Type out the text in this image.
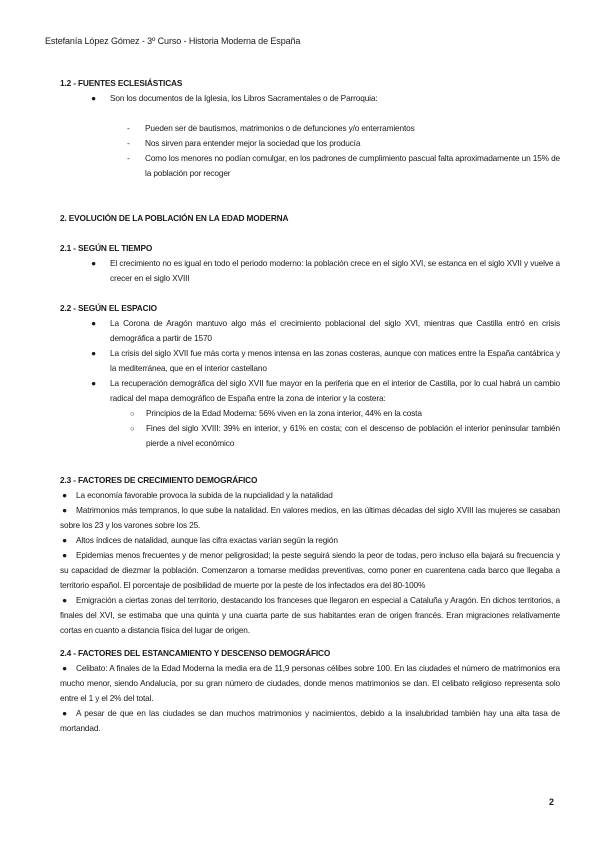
Estefanía López Gómez - 3º Curso - Historia Moderna de España
1.2 - FUENTES ECLESIÁSTICAS
● Son los documentos de la Iglesia, los Libros Sacramentales o de Parroquia:
- Pueden ser de bautismos, matrimonios o de defunciones y/o enterramientos
- Nos sirven para entender mejor la sociedad que los producía
- Como los menores no podían comulgar, en los padrones de cumplimiento pascual falta aproximadamente un 15% de la población por recoger
2. EVOLUCIÓN DE LA POBLACIÓN EN LA EDAD MODERNA
2.1 - SEGÚN EL TIEMPO
● El crecimiento no es igual en todo el periodo moderno: la población crece en el siglo XVI, se estanca en el siglo XVII y vuelve a crecer en el siglo XVIII
2.2 - SEGÚN EL ESPACIO
● La Corona de Aragón mantuvo algo más el crecimiento poblacional del siglo XVI, mientras que Castilla entró en crisis demográfica a partir de 1570
● La crisis del siglo XVII fue más corta y menos intensa en las zonas costeras, aunque con matices entre la España cantábrica y la mediterránea, que en el interior castellano
● La recuperación demográfica del siglo XVII fue mayor en la periferia que en el interior de Castilla, por lo cual habrá un cambio radical del mapa demográfico de España entre la zona de interior y la costera:
○ Principios de la Edad Moderna: 56% viven en la zona interior, 44% en la costa
○ Fines del siglo XVIII: 39% en interior, y 61% en costa; con el descenso de población el interior peninsular también pierde a nivel económico
2.3 - FACTORES DE CRECIMIENTO DEMOGRÁFICO
● La economía favorable provoca la subida de la nupcialidad y la natalidad
● Matrimonios más tempranos, lo que sube la natalidad. En valores medios, en las últimas décadas del siglo XVIII las mujeres se casaban sobre los 23 y los varones sobre los 25.
● Altos índices de natalidad, aunque las cifra exactas varían según la región
● Epidemias menos frecuentes y de menor peligrosidad; la peste seguirá siendo la peor de todas, pero incluso ella bajará su frecuencia y su capacidad de diezmar la población. Comenzaron a tomarse medidas preventivas, como poner en cuarentena cada barco que llegaba a territorio español. El porcentaje de posibilidad de muerte por la peste de los infectados era del 80-100%
● Emigración a ciertas zonas del territorio, destacando los franceses que llegaron en especial a Cataluña y Aragón. En dichos territorios, a finales del XVI, se estimaba que una quinta y una cuarta parte de sus habitantes eran de origen francés. Eran migraciones relativamente cortas en cuanto a distancia física del lugar de origen.
2.4 - FACTORES DEL ESTANCAMIENTO Y DESCENSO DEMOGRÁFICO
● Celibato: A finales de la Edad Moderna la media era de 11,9 personas célibes sobre 100. En las ciudades el número de matrimonios era mucho menor, siendo Andalucía, por su gran número de ciudades, donde menos matrimonios se dan. El celibato religioso representa solo entre el 1 y el 2% del total.
● A pesar de que en las ciudades se dan muchos matrimonios y nacimientos, debido a la insalubridad también hay una alta tasa de mortandad.
2
